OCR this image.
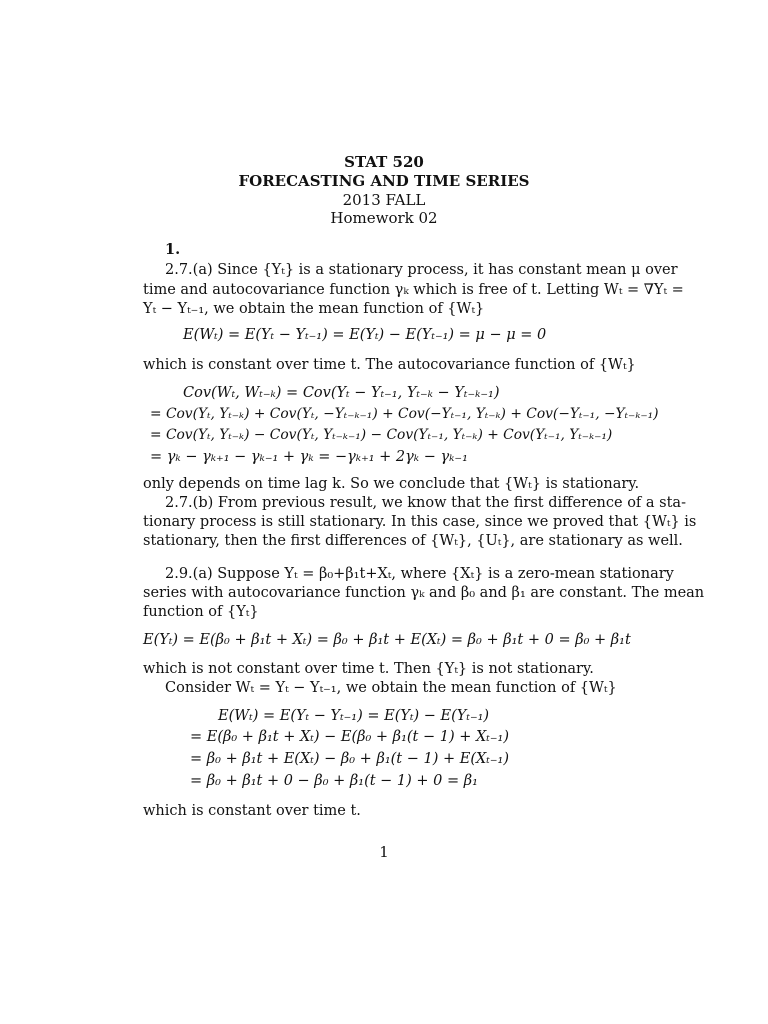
STAT 520
FORECASTING AND TIME SERIES
2013 FALL
Homework 02
1.
2.7.(a) Since {Yₜ} is a stationary process, it has constant mean μ over
time and autocovariance function γₖ which is free of t. Letting Wₜ = ∇Yₜ =
Yₜ − Yₜ₋₁, we obtain the mean function of {Wₜ}
E(Wₜ) = E(Yₜ − Yₜ₋₁) = E(Yₜ) − E(Yₜ₋₁) = μ − μ = 0
which is constant over time t. The autocovariance function of {Wₜ}
Cov(Wₜ, Wₜ₋ₖ) = Cov(Yₜ − Yₜ₋₁, Yₜ₋ₖ − Yₜ₋ₖ₋₁)
= Cov(Yₜ, Yₜ₋ₖ) + Cov(Yₜ, −Yₜ₋ₖ₋₁) + Cov(−Yₜ₋₁, Yₜ₋ₖ) + Cov(−Yₜ₋₁, −Yₜ₋ₖ₋₁)
= Cov(Yₜ, Yₜ₋ₖ) − Cov(Yₜ, Yₜ₋ₖ₋₁) − Cov(Yₜ₋₁, Yₜ₋ₖ) + Cov(Yₜ₋₁, Yₜ₋ₖ₋₁)
= γₖ − γₖ₊₁ − γₖ₋₁ + γₖ = −γₖ₊₁ + 2γₖ − γₖ₋₁
only depends on time lag k. So we conclude that {Wₜ} is stationary.
2.7.(b) From previous result, we know that the first difference of a sta-
tionary process is still stationary. In this case, since we proved that {Wₜ} is
stationary, then the first differences of {Wₜ}, {Uₜ}, are stationary as well.
2.9.(a) Suppose Yₜ = β₀+β₁t+Xₜ, where {Xₜ} is a zero-mean stationary
series with autocovariance function γₖ and β₀ and β₁ are constant. The mean
function of {Yₜ}
E(Yₜ) = E(β₀ + β₁t + Xₜ) = β₀ + β₁t + E(Xₜ) = β₀ + β₁t + 0 = β₀ + β₁t
which is not constant over time t. Then {Yₜ} is not stationary.
Consider Wₜ = Yₜ − Yₜ₋₁, we obtain the mean function of {Wₜ}
E(Wₜ) = E(Yₜ − Yₜ₋₁) = E(Yₜ) − E(Yₜ₋₁)
= E(β₀ + β₁t + Xₜ) − E(β₀ + β₁(t − 1) + Xₜ₋₁)
= β₀ + β₁t + E(Xₜ) − β₀ + β₁(t − 1) + E(Xₜ₋₁)
= β₀ + β₁t + 0 − β₀ + β₁(t − 1) + 0 = β₁
which is constant over time t.
1
